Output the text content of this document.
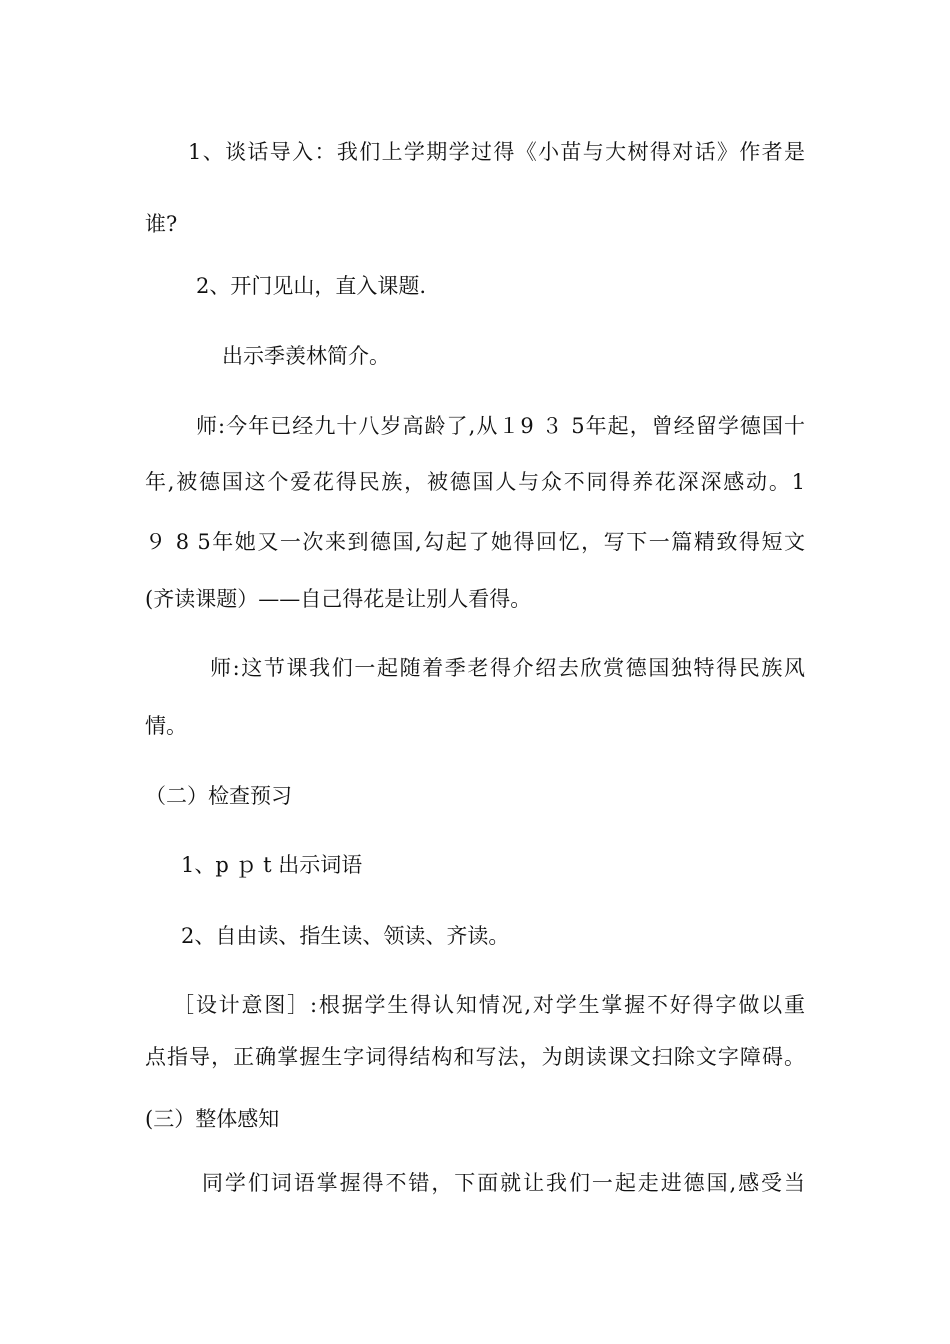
1、谈话导入：我们上学期学过得《小苗与大树得对话》作者是
谁?
2、开门见山，直入课题.
出示季羡林简介。
师:今年已经九十八岁高龄了,从１9 ３ 5年起，曾经留学德国十
年,被德国这个爱花得民族，被德国人与众不同得养花深深感动。1
９ 8 5年她又一次来到德国,勾起了她得回忆，写下一篇精致得短文
(齐读课题）——自己得花是让别人看得。
师:这节课我们一起随着季老得介绍去欣赏德国独特得民族风
情。
（二）检查预习
1、p ｐ t 出示词语
2、自由读、指生读、领读、齐读。
［设计意图］:根据学生得认知情况,对学生掌握不好得字做以重
点指导，正确掌握生字词得结构和写法，为朗读课文扫除文字障碍。
(三）整体感知
同学们词语掌握得不错，下面就让我们一起走进德国,感受当
